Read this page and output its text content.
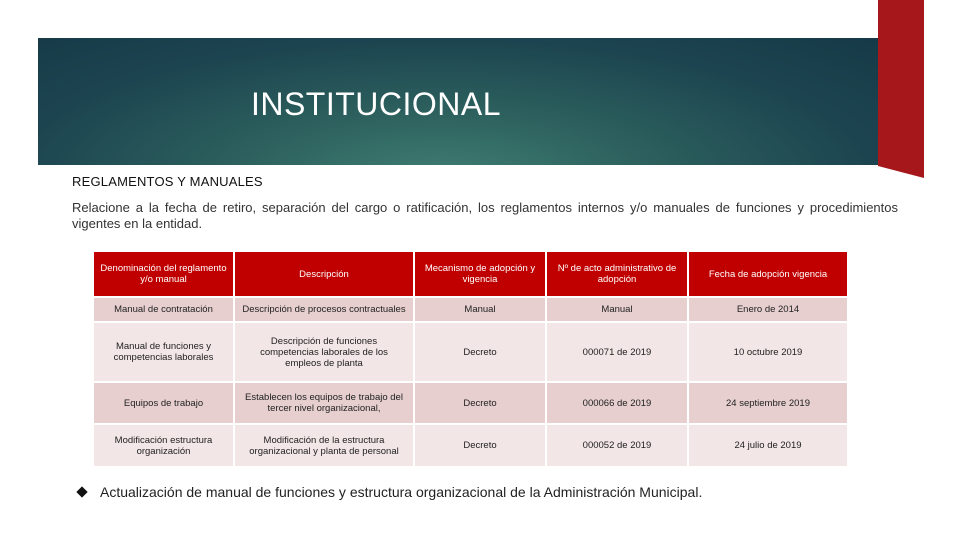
INSTITUCIONAL
REGLAMENTOS Y MANUALES
Relacione a la fecha de retiro, separación del cargo o ratificación, los reglamentos internos y/o manuales de funciones y procedimientos vigentes en la entidad.
Denominación del reglamento y/o manual	Descripción	Mecanismo de adopción y vigencia	Nº de acto administrativo de adopción	Fecha de adopción vigencia
Manual de contratación	Descripción de procesos contractuales	Manual	Manual	Enero de 2014
Manual de funciones y competencias laborales	Descripción de funciones competencias laborales de los empleos de planta	Decreto	000071 de 2019	10 octubre 2019
Equipos de trabajo	Establecen los equipos de trabajo del tercer nivel organizacional,	Decreto	000066 de 2019	24 septiembre 2019
Modificación estructura organización	Modificación de la estructura organizacional y planta de personal	Decreto	000052 de 2019	24 julio de 2019
Actualización de manual de funciones y estructura organizacional de la Administración Municipal.
